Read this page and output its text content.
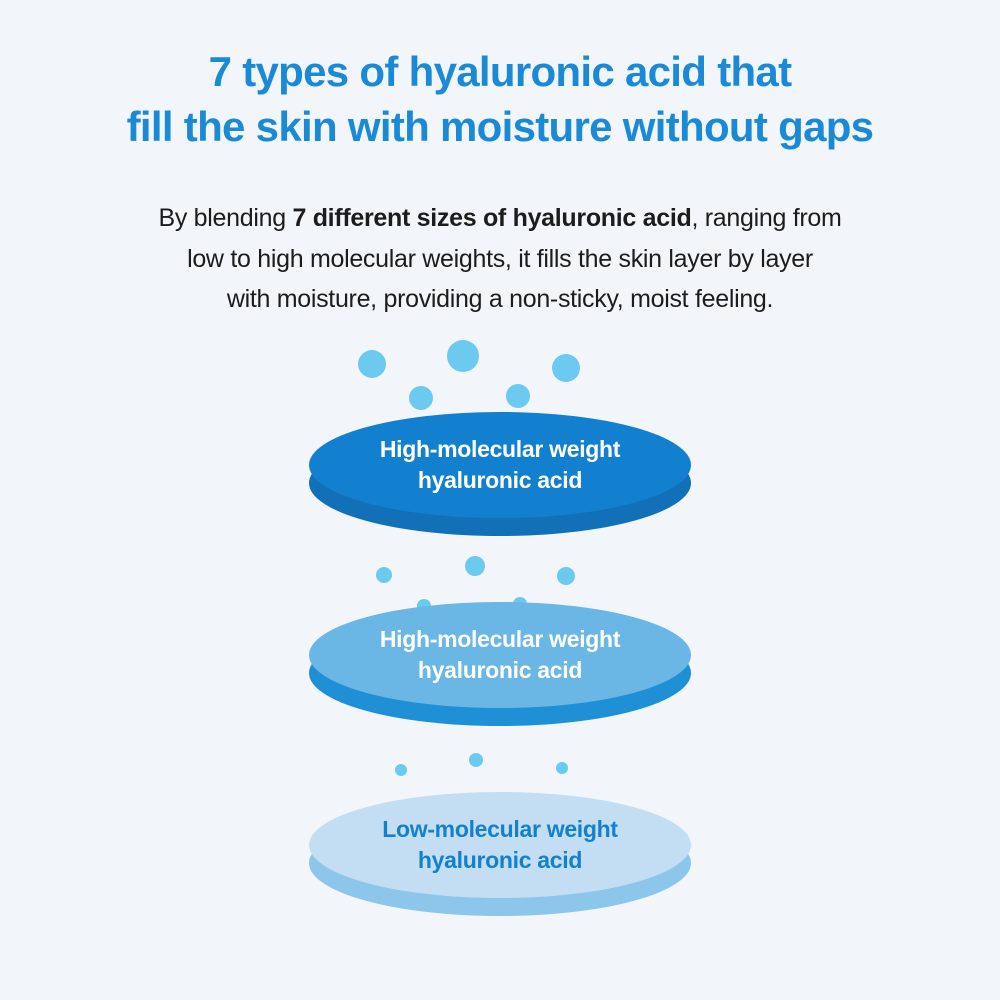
7 types of hyaluronic acid that
fill the skin with moisture without gaps
By blending 7 different sizes of hyaluronic acid, ranging from
low to high molecular weights, it fills the skin layer by layer
with moisture, providing a non-sticky, moist feeling.
High-molecular weight
hyaluronic acid
High-molecular weight
hyaluronic acid
Low-molecular weight
hyaluronic acid
